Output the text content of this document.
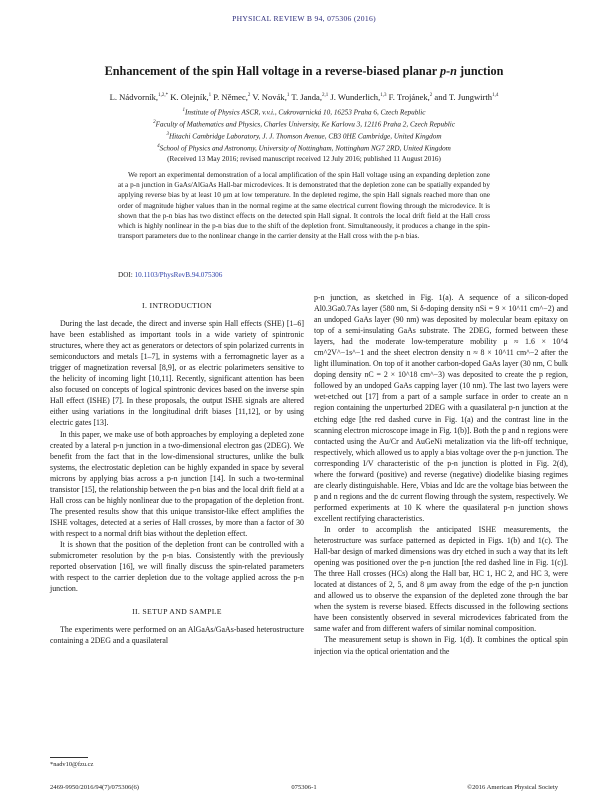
PHYSICAL REVIEW B 94, 075306 (2016)
Enhancement of the spin Hall voltage in a reverse-biased planar p-n junction
L. Nádvorník,$^{1,2,*}$ K. Olejník,$^1$ P. Němec,$^2$ V. Novák,$^1$ T. Janda,$^{2,1}$ J. Wunderlich,$^{1,3}$ F. Trojánek,$^2$ and T. Jungwirth$^{1,4}$
$^1$Institute of Physics ASCR, v.v.i., Cukrovarnická 10, 16253 Praha 6, Czech Republic
$^2$Faculty of Mathematics and Physics, Charles University, Ke Karlovu 3, 12116 Praha 2, Czech Republic
$^3$Hitachi Cambridge Laboratory, J. J. Thomson Avenue, CB3 0HE Cambridge, United Kingdom
$^4$School of Physics and Astronomy, University of Nottingham, Nottingham NG7 2RD, United Kingdom
(Received 13 May 2016; revised manuscript received 12 July 2016; published 11 August 2016)
We report an experimental demonstration of a local amplification of the spin Hall voltage using an expanding depletion zone at a p-n junction in GaAs/AlGaAs Hall-bar microdevices. It is demonstrated that the depletion zone can be spatially expanded by applying reverse bias by at least 10 μm at low temperature. In the depleted regime, the spin Hall signals reached more than one order of magnitude higher values than in the normal regime at the same electrical current flowing through the microdevice. It is shown that the p-n bias has two distinct effects on the detected spin Hall signal. It controls the local drift field at the Hall cross which is highly nonlinear in the p-n bias due to the shift of the depletion front. Simultaneously, it produces a change in the spin-transport parameters due to the nonlinear change in the carrier density at the Hall cross with the p-n bias.
DOI: 10.1103/PhysRevB.94.075306
I. INTRODUCTION

During the last decade, the direct and inverse spin Hall effects (SHE) [1–6] have been established as important tools in a wide variety of spintronic structures, where they act as generators or detectors of spin polarized currents in semiconductors and metals [1–7], in systems with a ferromagnetic layer as a trigger of magnetization reversal [8,9], or as electric polarimeters sensitive to the helicity of incoming light [10,11]. Recently, significant attention has been also focused on concepts of logical spintronic devices based on the inverse spin Hall effect (ISHE) [7]. In these proposals, the output ISHE signals are altered either using variations in the longitudinal drift biases [11,12], or by using electric gates [13].

In this paper, we make use of both approaches by employing a depleted zone created by a lateral p-n junction in a two-dimensional electron gas (2DEG). We benefit from the fact that in the low-dimensional structures, unlike the bulk systems, the electrostatic depletion can be highly expanded in space by several microns by applying bias across a p-n junction [14]. In such a two-terminal transistor [15], the relationship between the p-n bias and the local drift field at a Hall cross can be highly nonlinear due to the propagation of the depletion front. The presented results show that this unique transistor-like effect amplifies the ISHE voltages, detected at a series of Hall crosses, by more than a factor of 30 with respect to a normal drift bias without the depletion effect.

It is shown that the position of the depletion front can be controlled with a submicrometer resolution by the p-n bias. Consistently with the previously reported observation [16], we will finally discuss the spin-related parameters with respect to the carrier depletion due to the voltage applied across the p-n junction.

II. SETUP AND SAMPLE

The experiments were performed on an AlGaAs/GaAs-based heterostructure containing a 2DEG and a quasilateral

p-n junction, as sketched in Fig. 1(a). A sequence of a silicon-doped Al0.3Ga0.7As layer (580 nm, Si δ-doping density nSi = 9 × 10^11 cm^−2) and an undoped GaAs layer (90 nm) was deposited by molecular beam epitaxy on top of a semi-insulating GaAs substrate. The 2DEG, formed between these layers, had the moderate low-temperature mobility μ ≈ 1.6 × 10^4 cm^2V^−1s^−1 and the sheet electron density n ≈ 8 × 10^11 cm^−2 after the light illumination. On top of it another carbon-doped GaAs layer (30 nm, C bulk doping density nC = 2 × 10^18 cm^−3) was deposited to create the p region, followed by an undoped GaAs capping layer (10 nm). The last two layers were wet-etched out [17] from a part of a sample surface in order to create an n region containing the unperturbed 2DEG with a quasilateral p-n junction at the etching edge [the red dashed curve in Fig. 1(a) and the contrast line in the scanning electron microscope image in Fig. 1(b)]. Both the p and n regions were contacted using the Au/Cr and AuGeNi metalization via the lift-off technique, respectively, which allowed us to apply a bias voltage over the p-n junction. The corresponding I/V characteristic of the p-n junction is plotted in Fig. 2(d), where the forward (positive) and reverse (negative) diodelike biasing regimes are clearly distinguishable. Here, Vbias and Idc are the voltage bias between the p and n regions and the dc current flowing through the system, respectively. We performed experiments at 10 K where the quasilateral p-n junction shows excellent rectifying characteristics.

In order to accomplish the anticipated ISHE measurements, the heterostructure was surface patterned as depicted in Figs. 1(b) and 1(c). The Hall-bar design of marked dimensions was dry etched in such a way that its left opening was positioned over the p-n junction [the red dashed line in Fig. 1(c)]. The three Hall crosses (HCs) along the Hall bar, HC 1, HC 2, and HC 3, were located at distances of 2, 5, and 8 μm away from the edge of the p-n junction and allowed us to observe the expansion of the depleted zone through the bar when the system is reverse biased. Effects discussed in the following sections have been consistently observed in several microdevices fabricated from the same wafer and from different wafers of similar nominal composition.

The measurement setup is shown in Fig. 1(d). It combines the optical spin injection via the optical orientation and the

*nadv10@fzu.cz
2469-9950/2016/94(7)/075306(6)	075306-1	©2016 American Physical Society
